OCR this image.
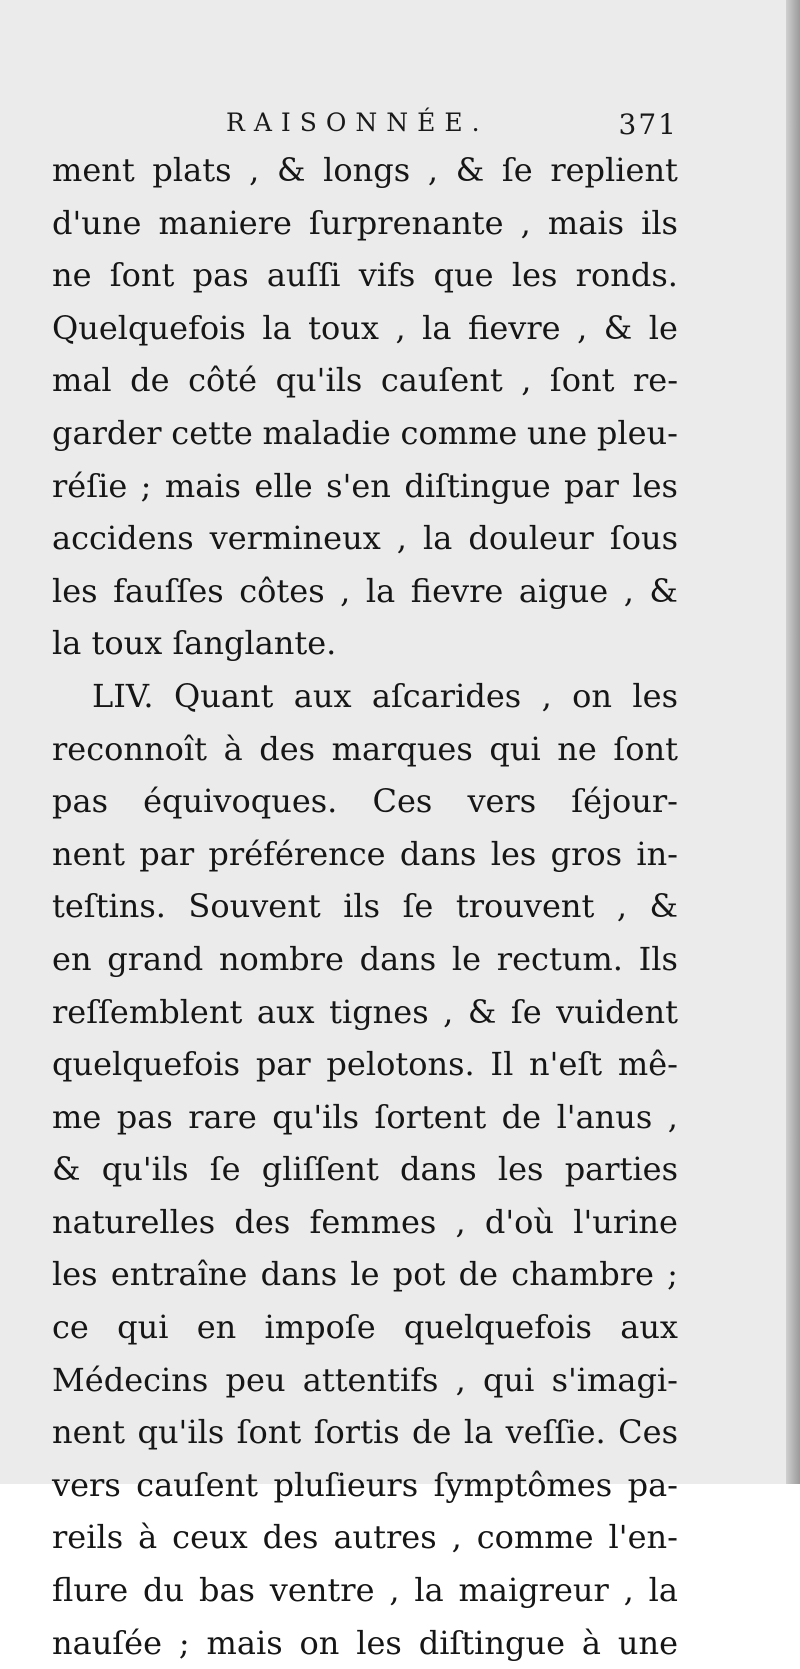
RAISONNÉE.	371
ment plats , & longs , & ſe replient
d'une maniere ſurprenante , mais ils
ne ſont pas auſſi vifs que les ronds.
Quelquefois la toux , la fievre , & le
mal de côté qu'ils cauſent , ſont re-
garder cette maladie comme une pleu-
réſie ; mais elle s'en diſtingue par les
accidens vermineux , la douleur ſous
les fauſſes côtes , la fievre aigue , &
la toux ſanglante.
LIV. Quant aux aſcarides , on les
reconnoît à des marques qui ne ſont
pas équivoques. Ces vers ſéjour-
nent par préférence dans les gros in-
teſtins. Souvent ils ſe trouvent , &
en grand nombre dans le rectum. Ils
reſſemblent aux tignes , & ſe vuident
quelquefois par pelotons. Il n'eſt mê-
me pas rare qu'ils ſortent de l'anus ,
& qu'ils ſe gliſſent dans les parties
naturelles des femmes , d'où l'urine
les entraîne dans le pot de chambre ;
ce qui en impoſe quelquefois aux
Médecins peu attentifs , qui s'imagi-
nent qu'ils ſont ſortis de la veſſie. Ces
vers cauſent pluſieurs ſymptômes pa-
reils à ceux des autres , comme l'en-
flure du bas ventre , la maigreur , la
nauſée ; mais on les diſtingue à une
